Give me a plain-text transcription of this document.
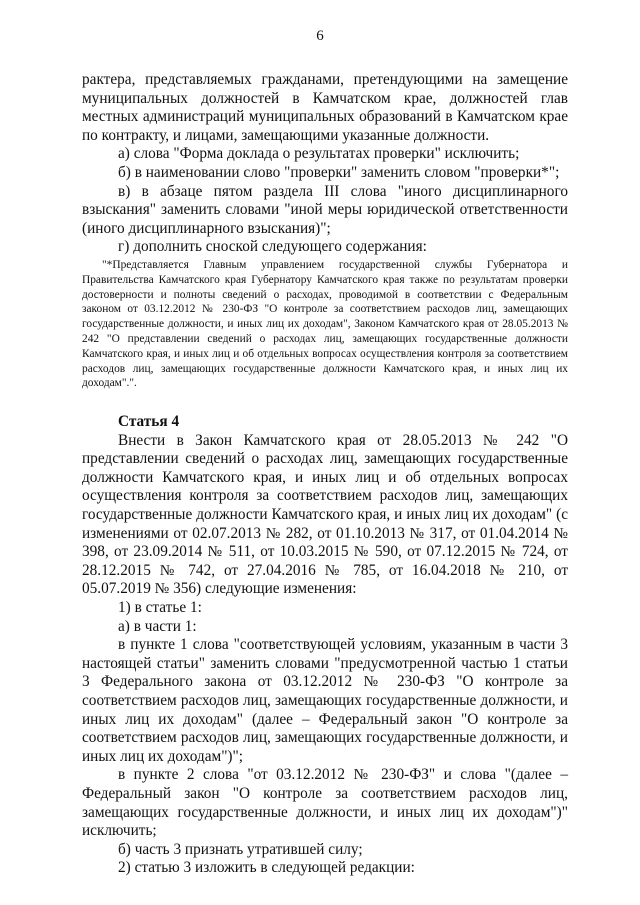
6

рактера, представляемых гражданами, претендующими на замещение муниципальных должностей в Камчатском крае, должностей глав местных администраций муниципальных образований в Камчатском крае по контракту, и лицами, замещающими указанные должности.

а) слова "Форма доклада о результатах проверки" исключить;

б) в наименовании слово "проверки" заменить словом "проверки*";

в) в абзаце пятом раздела III слова "иного дисциплинарного взыскания" заменить словами "иной меры юридической ответственности (иного дисциплинарного взыскания)";

г) дополнить сноской следующего содержания:

"*Представляется Главным управлением государственной службы Губернатора и Правительства Камчатского края Губернатору Камчатского края также по результатам проверки достоверности и полноты сведений о расходах, проводимой в соответствии с Федеральным законом от 03.12.2012 № 230-ФЗ "О контроле за соответствием расходов лиц, замещающих государственные должности, и иных лиц их доходам", Законом Камчатского края от 28.05.2013 № 242 "О представлении сведений о расходах лиц, замещающих государственные должности Камчатского края, и иных лиц и об отдельных вопросах осуществления контроля за соответствием расходов лиц, замещающих государственные должности Камчатского края, и иных лиц их доходам".".

Статья 4

Внести в Закон Камчатского края от 28.05.2013 № 242 "О представлении сведений о расходах лиц, замещающих государственные должности Камчатского края, и иных лиц и об отдельных вопросах осуществления контроля за соответствием расходов лиц, замещающих государственные должности Камчатского края, и иных лиц их доходам" (с изменениями от 02.07.2013 № 282, от 01.10.2013 № 317, от 01.04.2014 № 398, от 23.09.2014 № 511, от 10.03.2015 № 590, от 07.12.2015 № 724, от 28.12.2015 № 742, от 27.04.2016 № 785, от 16.04.2018 № 210, от 05.07.2019 № 356) следующие изменения:

1) в статье 1:

а) в части 1:

в пункте 1 слова "соответствующей условиям, указанным в части 3 настоящей статьи" заменить словами "предусмотренной частью 1 статьи 3 Федерального закона от 03.12.2012 № 230-ФЗ "О контроле за соответствием расходов лиц, замещающих государственные должности, и иных лиц их доходам" (далее – Федеральный закон "О контроле за соответствием расходов лиц, замещающих государственные должности, и иных лиц их доходам")";

в пункте 2 слова "от 03.12.2012 № 230-ФЗ" и слова "(далее – Федеральный закон "О контроле за соответствием расходов лиц, замещающих государственные должности, и иных лиц их доходам")" исключить;

б) часть 3 признать утратившей силу;

2) статью 3 изложить в следующей редакции:
